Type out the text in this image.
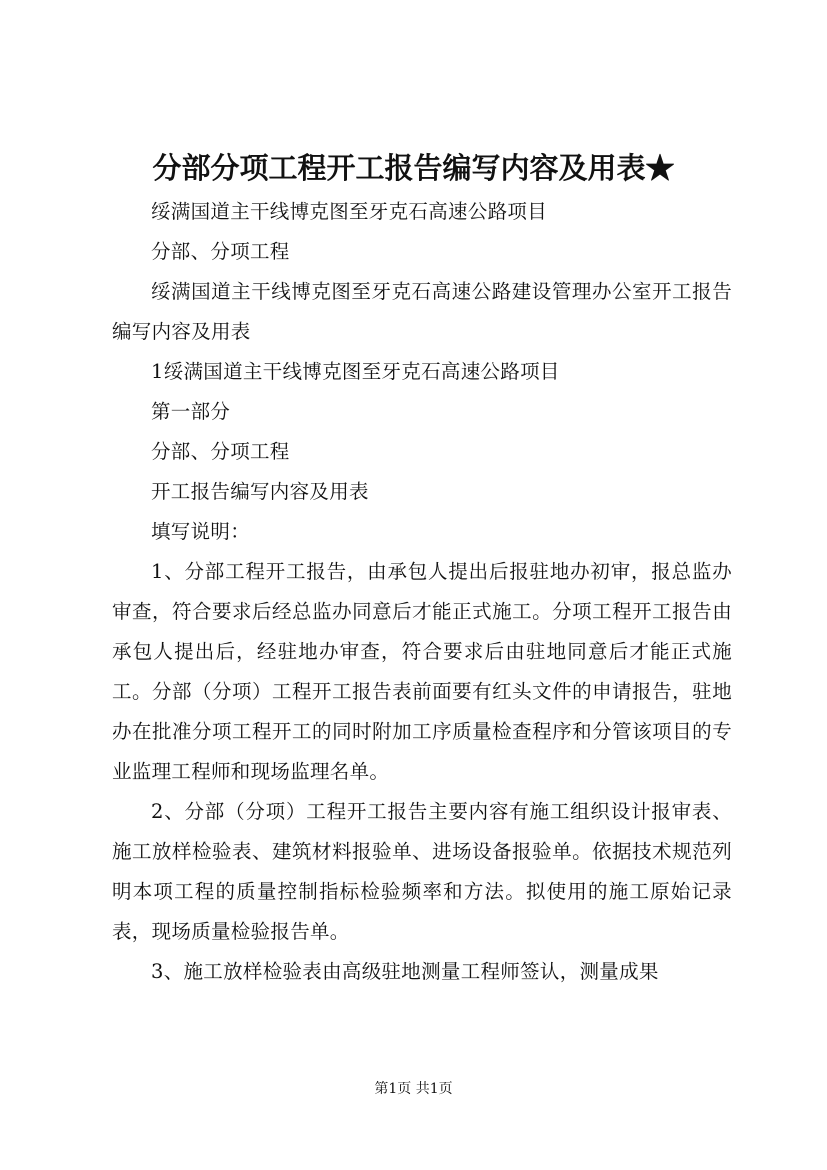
分部分项工程开工报告编写内容及用表★

绥满国道主干线博克图至牙克石高速公路项目

分部、分项工程

绥满国道主干线博克图至牙克石高速公路建设管理办公室开工报告编写内容及用表

1绥满国道主干线博克图至牙克石高速公路项目

第一部分

分部、分项工程

开工报告编写内容及用表

填写说明：

1、分部工程开工报告，由承包人提出后报驻地办初审，报总监办审查，符合要求后经总监办同意后才能正式施工。分项工程开工报告由承包人提出后，经驻地办审查，符合要求后由驻地同意后才能正式施工。分部（分项）工程开工报告表前面要有红头文件的申请报告，驻地办在批准分项工程开工的同时附加工序质量检查程序和分管该项目的专业监理工程师和现场监理名单。

2、分部（分项）工程开工报告主要内容有施工组织设计报审表、施工放样检验表、建筑材料报验单、进场设备报验单。依据技术规范列明本项工程的质量控制指标检验频率和方法。拟使用的施工原始记录表，现场质量检验报告单。

3、施工放样检验表由高级驻地测量工程师签认，测量成果

第1页 共1页
